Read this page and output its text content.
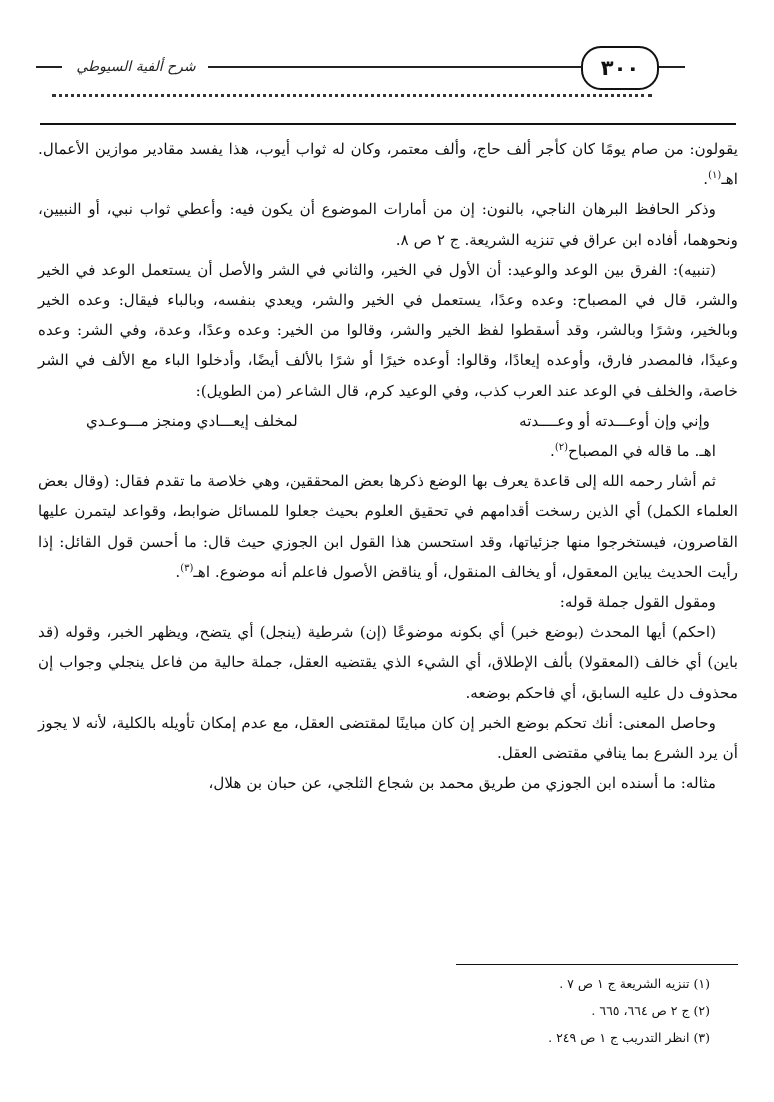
٣٠٠
شرح ألفية السيوطي

يقولون: من صام يومًا كان كأجر ألف حاج، وألف معتمر، وكان له ثواب أيوب، هذا يفسد مقادير موازين الأعمال. اهـ$^{(١)}$.

وذكر الحافظ البرهان الناجي، بالنون: إن من أمارات الموضوع أن يكون فيه: وأعطي ثواب نبي، أو النبيين، ونحوهما، أفاده ابن عراق في تنزيه الشريعة. ج ٢ ص ٨.

(تنبيه): الفرق بين الوعد والوعيد: أن الأول في الخير، والثاني في الشر والأصل أن يستعمل الوعد في الخير والشر، قال في المصباح: وعده وعدًا، يستعمل في الخير والشر، ويعدي بنفسه، وبالباء فيقال: وعده الخير وبالخير، وشرًا وبالشر، وقد أسقطوا لفظ الخير والشر، وقالوا من الخير: وعده وعدًا، وعدة، وفي الشر: وعده وعيدًا، فالمصدر فارق، وأوعده إيعادًا، وقالوا: أوعده خيرًا أو شرًا بالألف أيضًا، وأدخلوا الباء مع الألف في الشر خاصة، والخلف في الوعد عند العرب كذب، وفي الوعيد كرم، قال الشاعر (من الطويل):

وإني وإن أوعـــدته أو وعــــدته
لمخلف إيعـــادي ومنجز مـــوعـدي

اهـ. ما قاله في المصباح$^{(٢)}$.

ثم أشار رحمه الله إلى قاعدة يعرف بها الوضع ذكرها بعض المحققين، وهي خلاصة ما تقدم فقال: (وقال بعض العلماء الكمل) أي الذين رسخت أقدامهم في تحقيق العلوم بحيث جعلوا للمسائل ضوابط، وقواعد ليتمرن عليها القاصرون، فيستخرجوا منها جزئياتها، وقد استحسن هذا القول ابن الجوزي حيث قال: ما أحسن قول القائل: إذا رأيت الحديث يباين المعقول، أو يخالف المنقول، أو يناقض الأصول فاعلم أنه موضوع. اهـ$^{(٣)}$.

ومقول القول جملة قوله:

(احكم) أيها المحدث (بوضع خبر) أي بكونه موضوعًا (إن) شرطية (ينجل) أي يتضح، ويظهر الخبر، وقوله (قد باين) أي خالف (المعقولا) بألف الإطلاق، أي الشيء الذي يقتضيه العقل، جملة حالية من فاعل ينجلي وجواب إن محذوف دل عليه السابق، أي فاحكم بوضعه.

وحاصل المعنى: أنك تحكم بوضع الخبر إن كان مباينًا لمقتضى العقل، مع عدم إمكان تأويله بالكلية، لأنه لا يجوز أن يرد الشرع بما ينافي مقتضى العقل.

مثاله: ما أسنده ابن الجوزي من طريق محمد بن شجاع الثلجي، عن حبان بن هلال،

(١) تنزيه الشريعة ج ١ ص ٧ .

(٢) ج ٢ ص ٦٦٤، ٦٦٥ .

(٣) انظر التدريب ج ١ ص ٢٤٩ .
